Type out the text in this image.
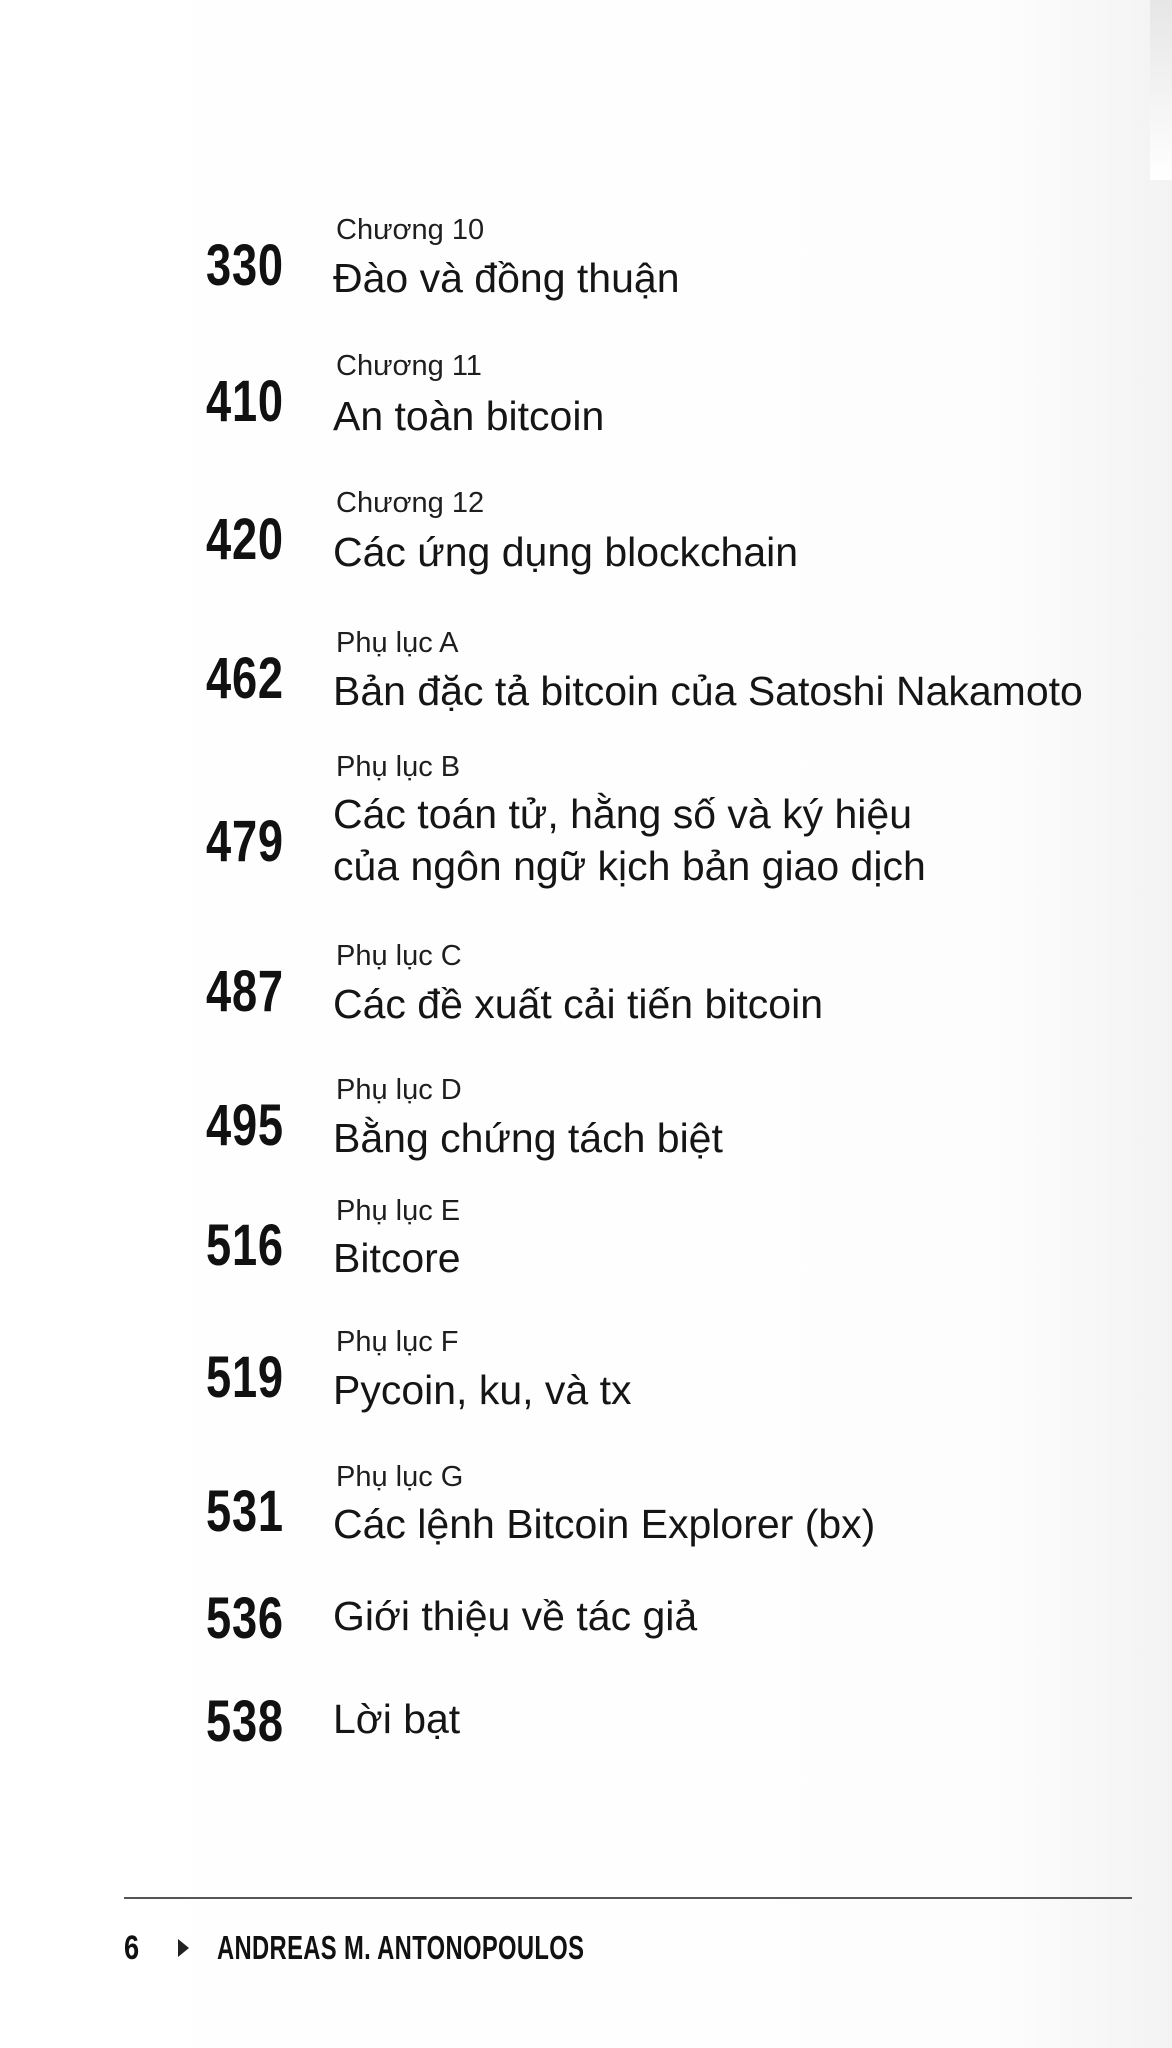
330
Chương 10
Đào và đồng thuận
410
Chương 11
An toàn bitcoin
420
Chương 12
Các ứng dụng blockchain
462
Phụ lục A
Bản đặc tả bitcoin của Satoshi Nakamoto
479
Phụ lục B
Các toán tử, hằng số và ký hiệu
của ngôn ngữ kịch bản giao dịch
487
Phụ lục C
Các đề xuất cải tiến bitcoin
495
Phụ lục D
Bằng chứng tách biệt
516
Phụ lục E
Bitcore
519
Phụ lục F
Pycoin, ku, và tx
531
Phụ lục G
Các lệnh Bitcoin Explorer (bx)
536 Giới thiệu về tác giả
538 Lời bạt
6	ANDREAS M. ANTONOPOULOS
